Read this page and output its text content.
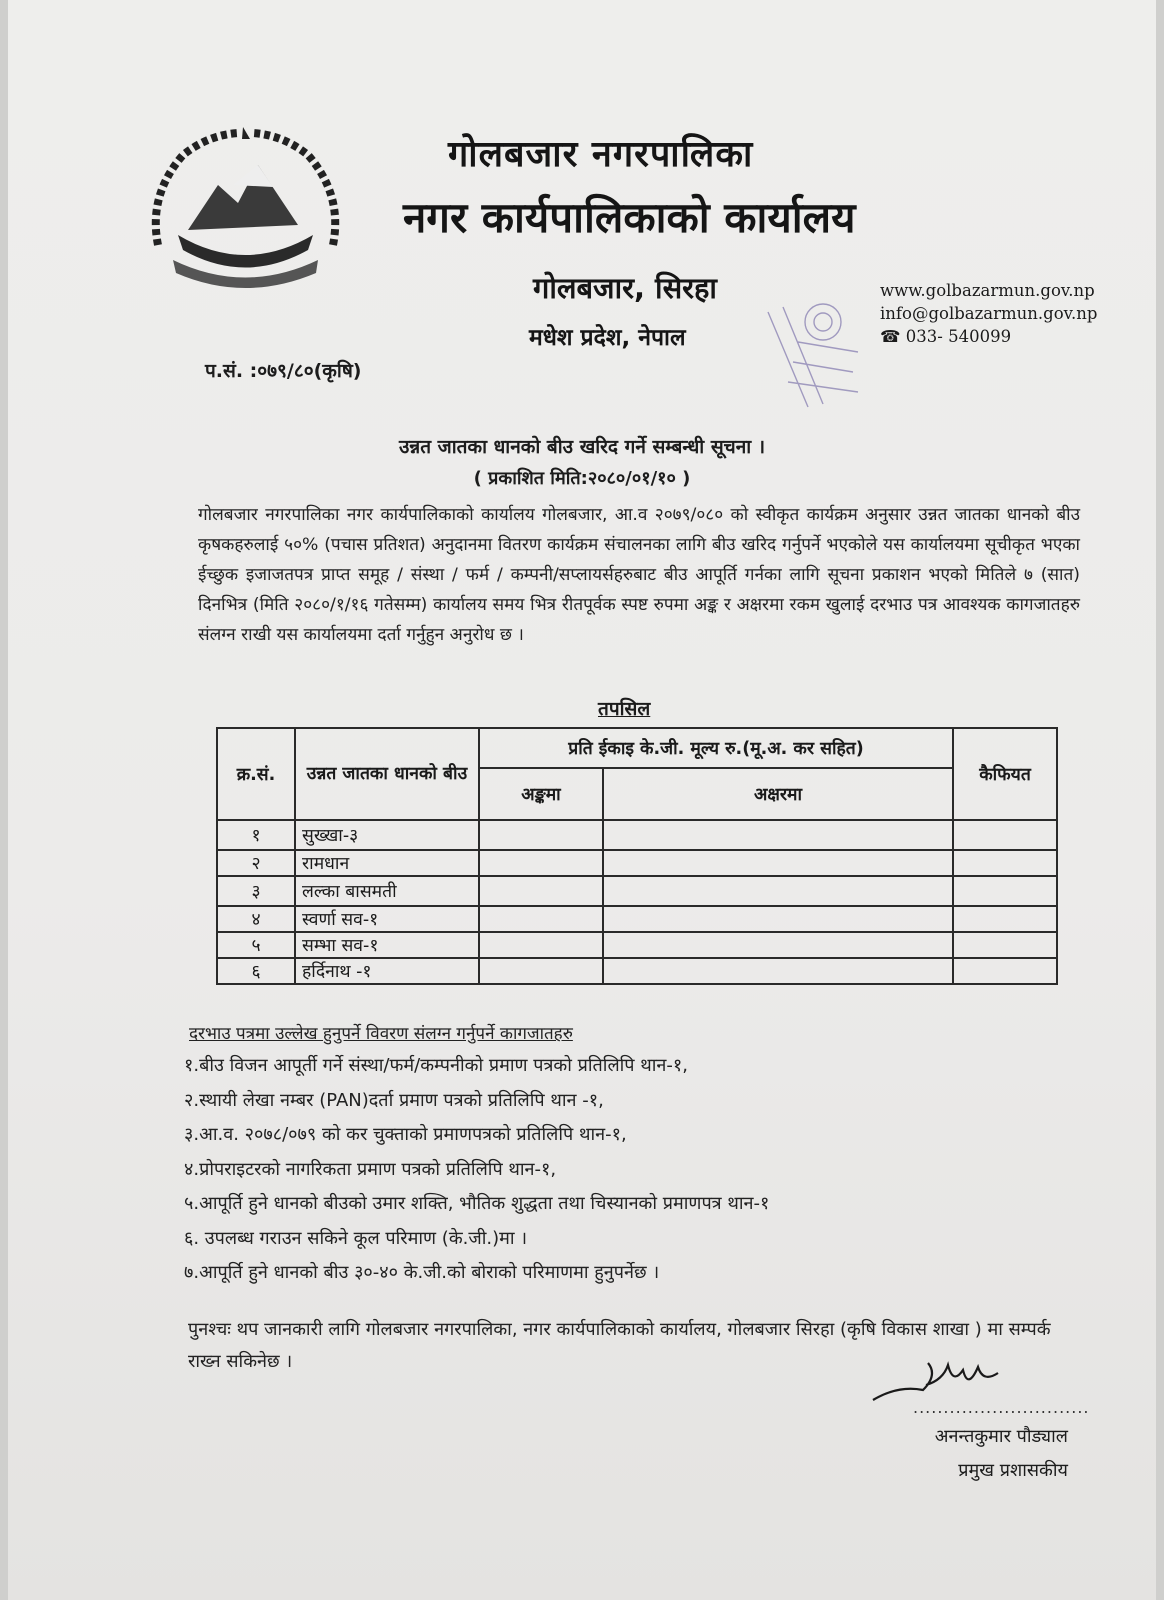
गोलबजार नगरपालिका
नगर कार्यपालिकाको कार्यालय
गोलबजार, सिरहा
मधेश प्रदेश, नेपाल
www.golbazarmun.gov.np
info@golbazarmun.gov.np
☎ 033- 540099
प.सं. :०७९/८०(कृषि)
उन्नत जातका धानको बीउ खरिद गर्ने सम्बन्धी सूचना ।
( प्रकाशित मिति:२०८०/०१/१० )
गोलबजार नगरपालिका नगर कार्यपालिकाको कार्यालय गोलबजार, आ.व २०७९/०८० को स्वीकृत कार्यक्रम अनुसार उन्नत जातका धानको बीउ कृषकहरुलाई ५०% (पचास प्रतिशत) अनुदानमा वितरण कार्यक्रम संचालनका लागि बीउ खरिद गर्नुपर्ने भएकोले यस कार्यालयमा सूचीकृत भएका ईच्छुक इजाजतपत्र प्राप्त समूह / संस्था / फर्म / कम्पनी/सप्लायर्सहरुबाट बीउ आपूर्ति गर्नका लागि सूचना प्रकाशन भएको मितिले ७ (सात) दिनभित्र (मिति २०८०/१/१६ गतेसम्म) कार्यालय समय भित्र रीतपूर्वक स्पष्ट रुपमा अङ्क र अक्षरमा रकम खुलाई दरभाउ पत्र आवश्यक कागजातहरु संलग्न राखी यस कार्यालयमा दर्ता गर्नुहुन अनुरोध छ ।
तपसिल
क्र.सं.	उन्नत जातका धानको बीउ	प्रति ईकाइ के.जी. मूल्य रु.(मू.अ. कर सहित)		कैफियत
		अङ्कमा	अक्षरमा	
१	सुख्खा-३			
२	रामधान			
३	लल्का बासमती			
४	स्वर्णा सव-१			
५	सम्भा सव-१			
६	हर्दिनाथ -१			
दरभाउ पत्रमा उल्लेख हुनुपर्ने विवरण संलग्न गर्नुपर्ने कागजातहरु
१.बीउ विजन आपूर्ती गर्ने संस्था/फर्म/कम्पनीको प्रमाण पत्रको प्रतिलिपि थान-१,
२.स्थायी लेखा नम्बर (PAN)दर्ता प्रमाण पत्रको प्रतिलिपि थान -१,
३.आ.व. २०७८/०७९ को कर चुक्ताको प्रमाणपत्रको प्रतिलिपि थान-१,
४.प्रोपराइटरको नागरिकता प्रमाण पत्रको प्रतिलिपि थान-१,
५.आपूर्ति हुने धानको बीउको उमार शक्ति, भौतिक शुद्धता तथा चिस्यानको प्रमाणपत्र थान-१
६. उपलब्ध गराउन सकिने कूल परिमाण (के.जी.)मा ।
७.आपूर्ति हुने धानको बीउ ३०-४० के.जी.को बोराको परिमाणमा हुनुपर्नेछ ।
पुनश्चः थप जानकारी लागि गोलबजार नगरपालिका, नगर कार्यपालिकाको कार्यालय, गोलबजार सिरहा (कृषि विकास शाखा ) मा सम्पर्क राख्न सकिनेछ ।
.............................
अनन्तकुमार पौड्याल
प्रमुख प्रशासकीय
